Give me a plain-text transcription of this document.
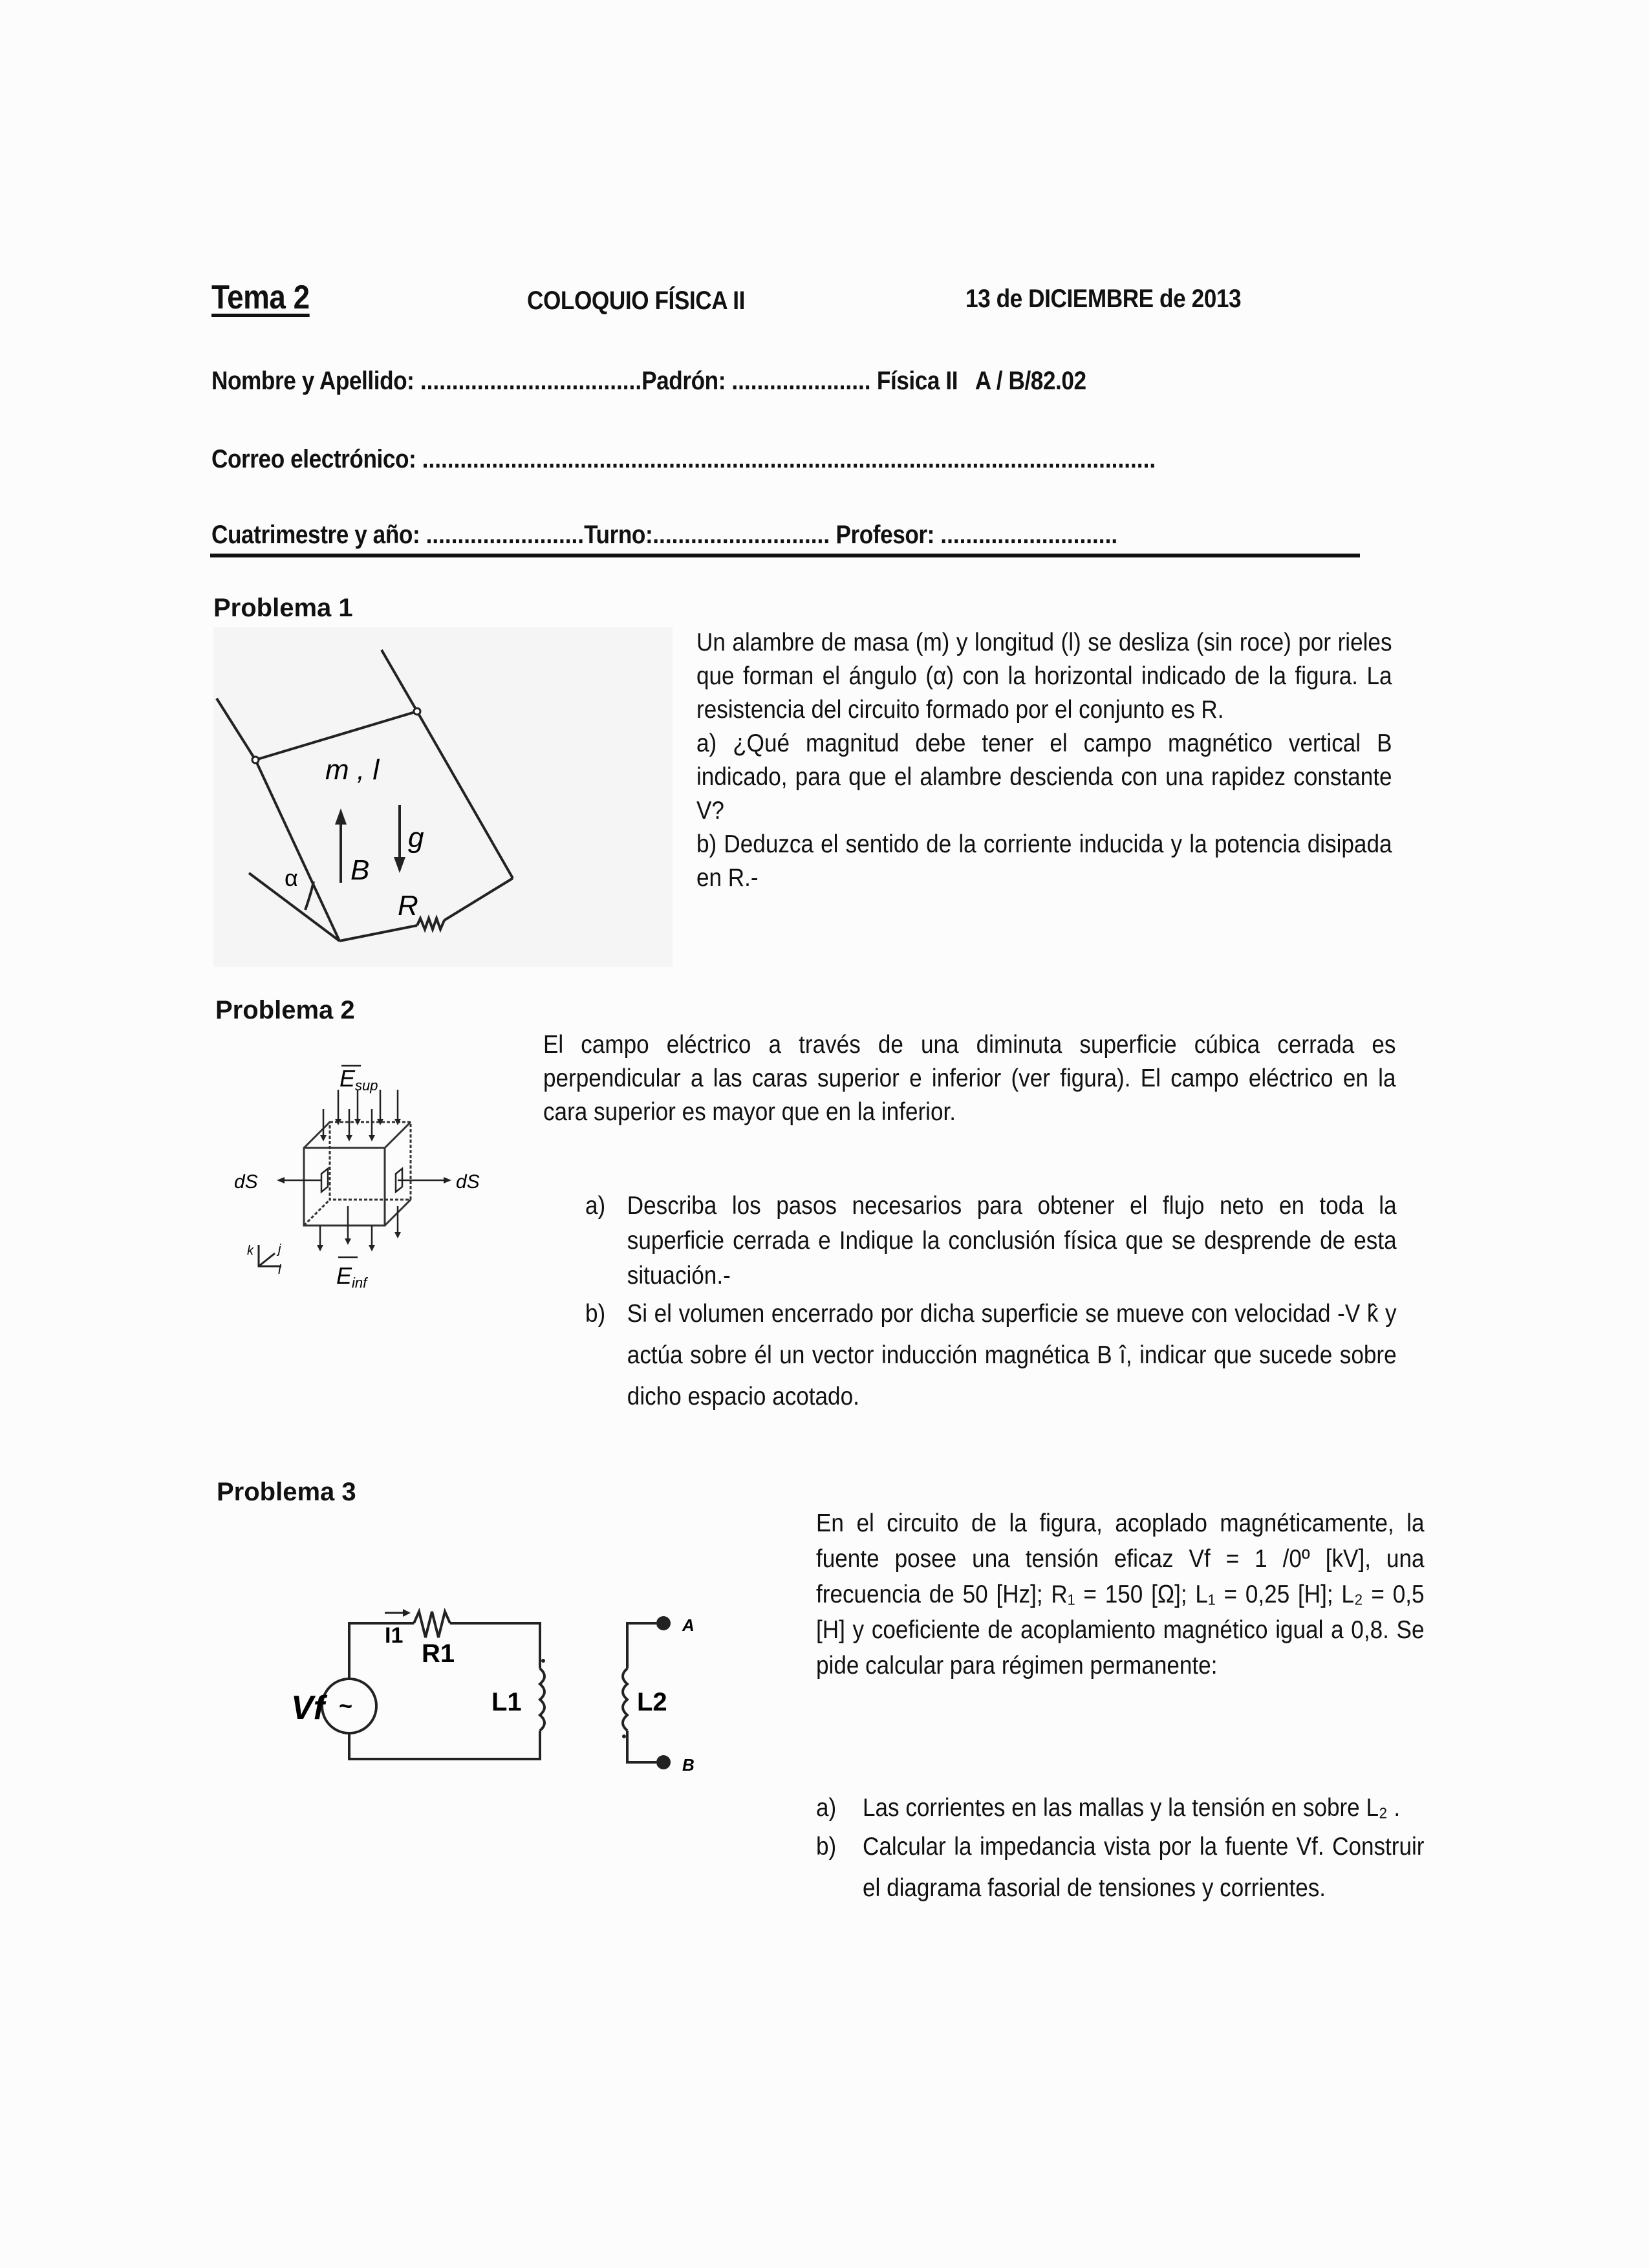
Tema 2	COLOQUIO FÍSICA II	13 de DICIEMBRE de 2013
Nombre y Apellido: ...................................Padrón: ...................... Física II   A / B/82.02
Correo electrónico: ....................................................................................................................
Cuatrimestre y año: .........................Turno:............................ Profesor: ............................
Problema 1
m , l
B
g
R
α

Un alambre de masa (m) y longitud (l) se desliza (sin roce) por rieles que forman el ángulo (α) con la horizontal indicado de la figura. La resistencia del circuito formado por el conjunto es R.

a) ¿Qué magnitud debe tener el campo magnético vertical B indicado, para que el alambre descienda con una rapidez constante V?

b) Deduzca el sentido de la corriente inducida y la potencia disipada en R.-

Problema 2
dS	dS
Esup
Einf
k j
i

El campo eléctrico a través de una diminuta superficie cúbica cerrada es perpendicular a las caras superior e inferior (ver figura). El campo eléctrico en la cara superior es mayor que en la inferior.

a) Describa los pasos necesarios para obtener el flujo neto en toda la superficie cerrada e Indique la conclusión física que se desprende de esta situación.-
b) Si el volumen encerrado por dicha superficie se mueve con velocidad -V k̂ y actúa sobre él un vector inducción magnética B î, indicar que sucede sobre dicho espacio acotado.
Problema 3
~
Vf
I1
R1
L1	L2
A
B

En el circuito de la figura, acoplado magnéticamente, la fuente posee una tensión eficaz Vf = 1 /0º [kV], una frecuencia de 50 [Hz]; R₁ = 150 [Ω]; L₁ = 0,25 [H]; L₂ = 0,5 [H] y coeficiente de acoplamiento magnético igual a 0,8. Se pide calcular para régimen permanente:

a)	Las corrientes en las mallas y la tensión en sobre L₂ .
b)	Calcular la impedancia vista por la fuente Vf. Construir el diagrama fasorial de tensiones y corrientes.
